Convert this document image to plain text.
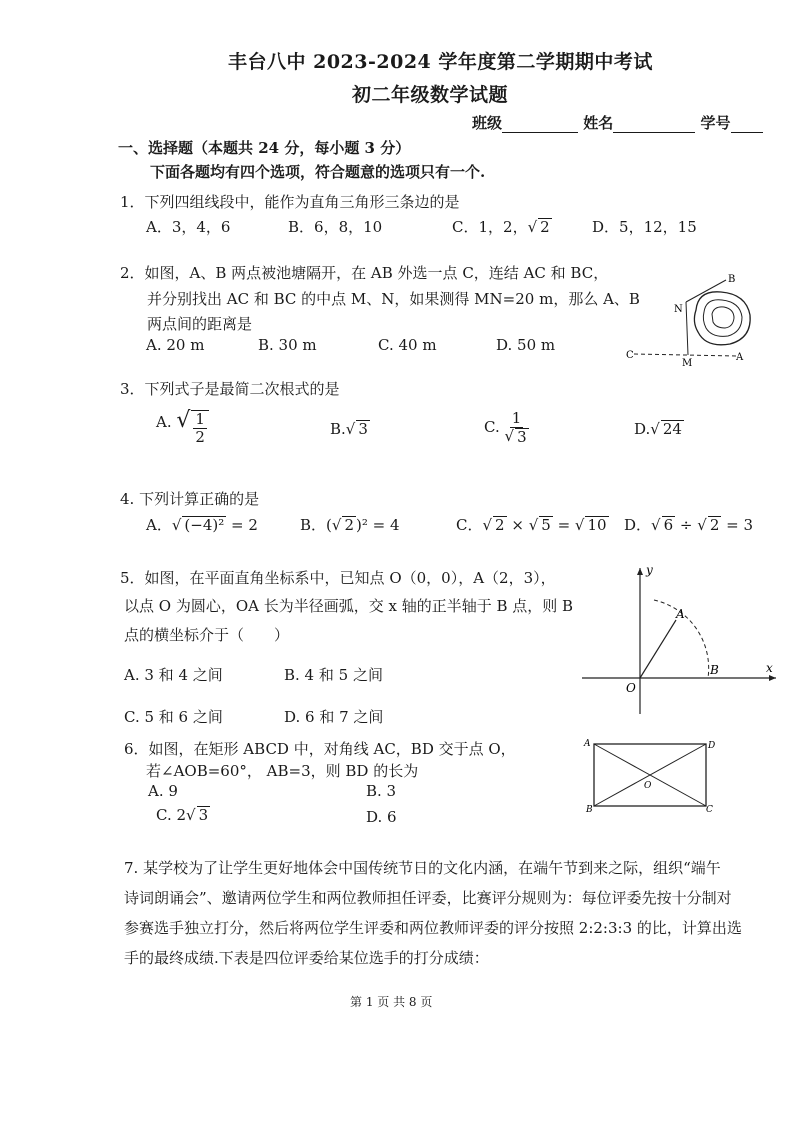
丰台八中 2023-2024 学年度第二学期期中考试
初二年级数学试题
班级	姓名	学号
一、选择题（本题共 24 分，每小题 3 分）
下面各题均有四个选项，符合题意的选项只有一个.
1．下列四组线段中，能作为直角三角形三条边的是
A．3，4，6	B．6，8，10	C．1，2，√ 2	D．5，12，15
2．如图，A、B 两点被池塘隔开，在 AB 外选一点 C，连结 AC 和 BC，
并分别找出 AC 和 BC 的中点 M、N，如果测得 MN=20 m，那么 A、B
两点间的距离是
A. 20 m	B. 30 m	C. 40 m	D. 50 m
B
N
C
M
A
3．下列式子是最简二次根式的是
A. √ $\frac{1}{2}$	B.√ 3	C. $\frac{1}{√ 3}$	D.√ 24
4. 下列计算正确的是
A．√ (−4)² = 2	B．(√ 2 )² = 4	C．√ 2 × √ 5 = √ 10 D．√ 6 ÷ √ 2 = 3
5．如图，在平面直角坐标系中，已知点 O（0，0），A（2，3），
以点 O 为圆心，OA 长为半径画弧，交 x 轴的正半轴于 B 点，则 B
点的横坐标介于（　　）
A. 3 和 4 之间	B. 4 和 5 之间
C. 5 和 6 之间	D. 6 和 7 之间
y
x
O
A
B
6．如图，在矩形 ABCD 中，对角线 AC，BD 交于点 O，
若∠AOB=60°， AB=3，则 BD 的长为
A. 9	B. 3
C. 2√ 3	D. 6
A	D
O
B	C
7. 某学校为了让学生更好地体会中国传统节日的文化内涵，在端午节到来之际，组织“端午
诗词朗诵会”、邀请两位学生和两位教师担任评委，比赛评分规则为：每位评委先按十分制对
参赛选手独立打分，然后将两位学生评委和两位教师评委的评分按照 2:2:3:3 的比，计算出选
手的最终成绩.下表是四位评委给某位选手的打分成绩：
第 1 页 共 8 页
